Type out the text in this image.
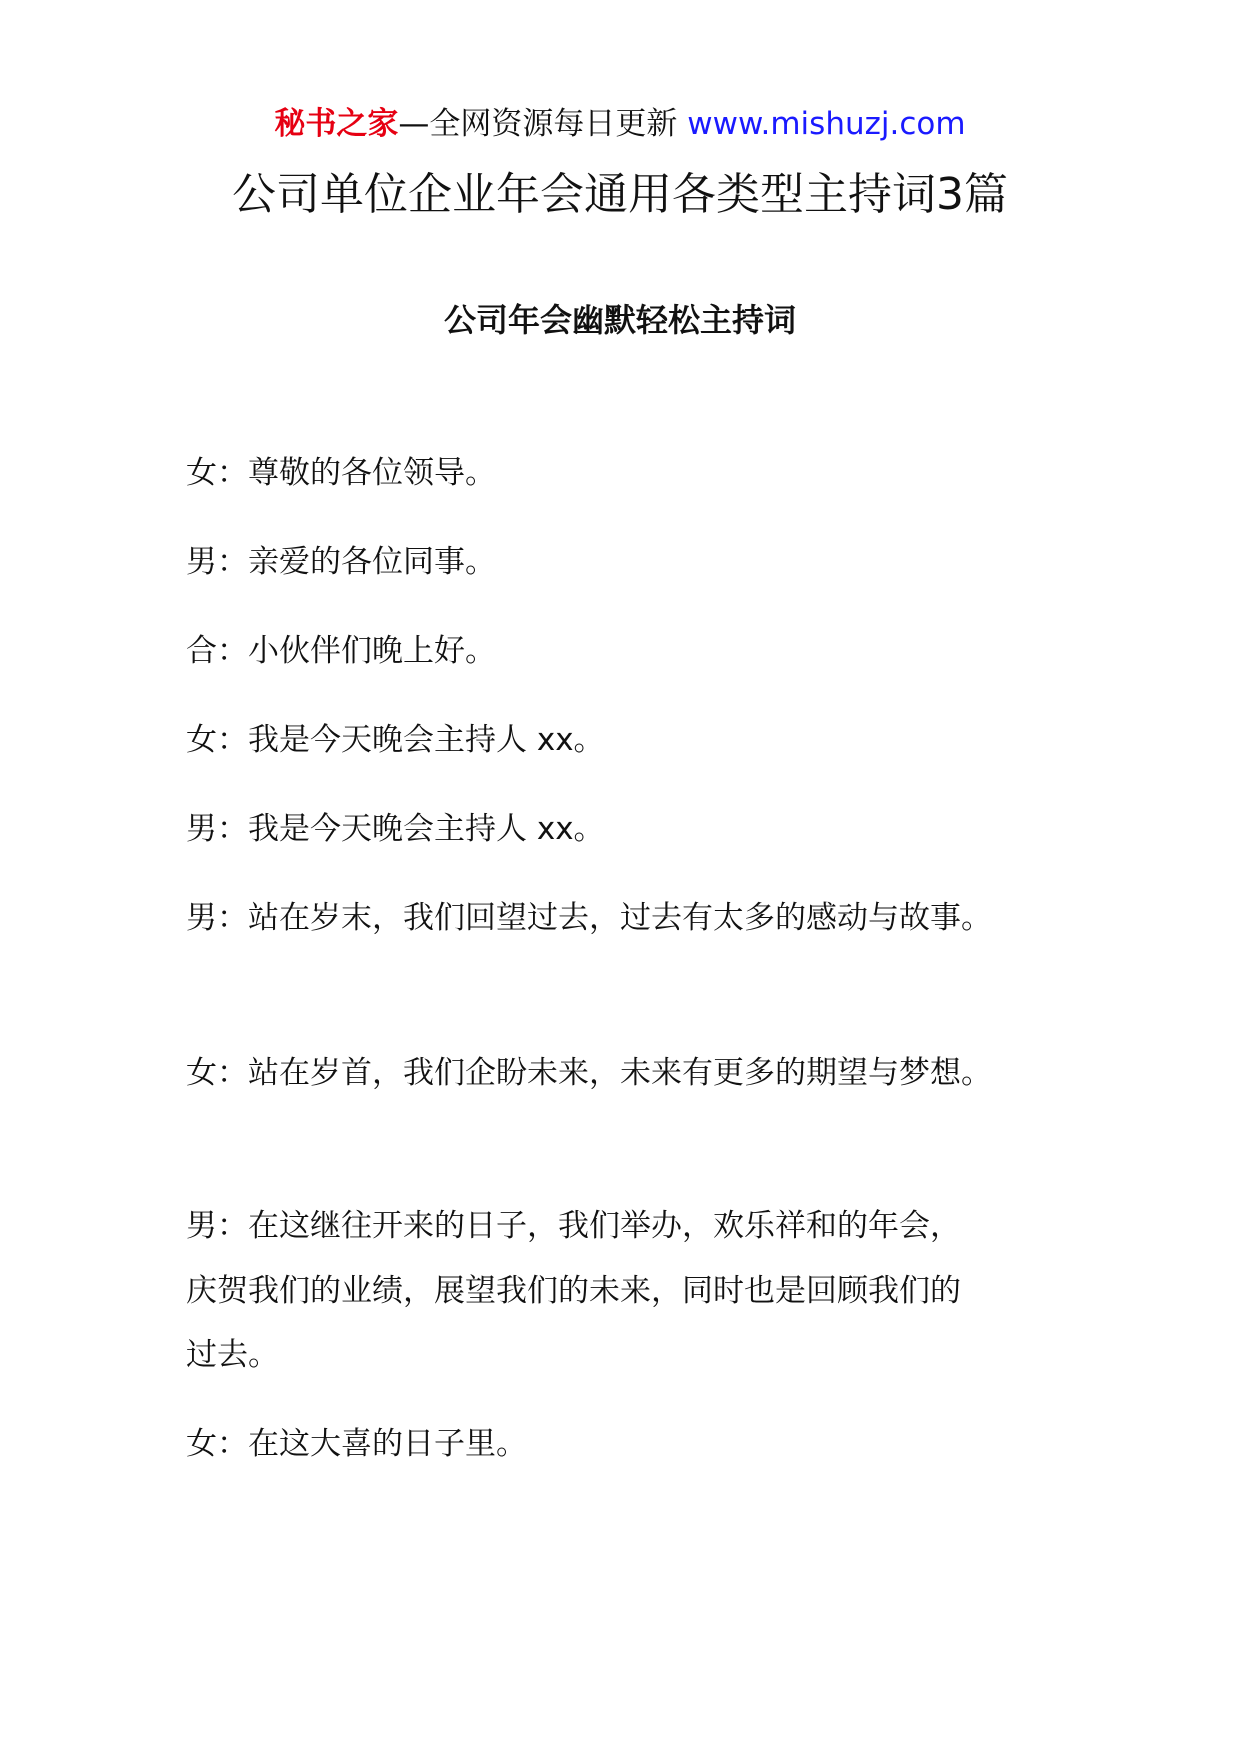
秘书之家—全网资源每日更新 www.mishuzj.com
公司单位企业年会通用各类型主持词3篇
公司年会幽默轻松主持词
女：尊敬的各位领导。
男：亲爱的各位同事。
合：小伙伴们晚上好。
女：我是今天晚会主持人 xx。
男：我是今天晚会主持人 xx。
男：站在岁末，我们回望过去，过去有太多的感动与故事。
女：站在岁首，我们企盼未来，未来有更多的期望与梦想。
男：在这继往开来的日子，我们举办，欢乐祥和的年会，
庆贺我们的业绩，展望我们的未来，同时也是回顾我们的
过去。
女：在这大喜的日子里。
